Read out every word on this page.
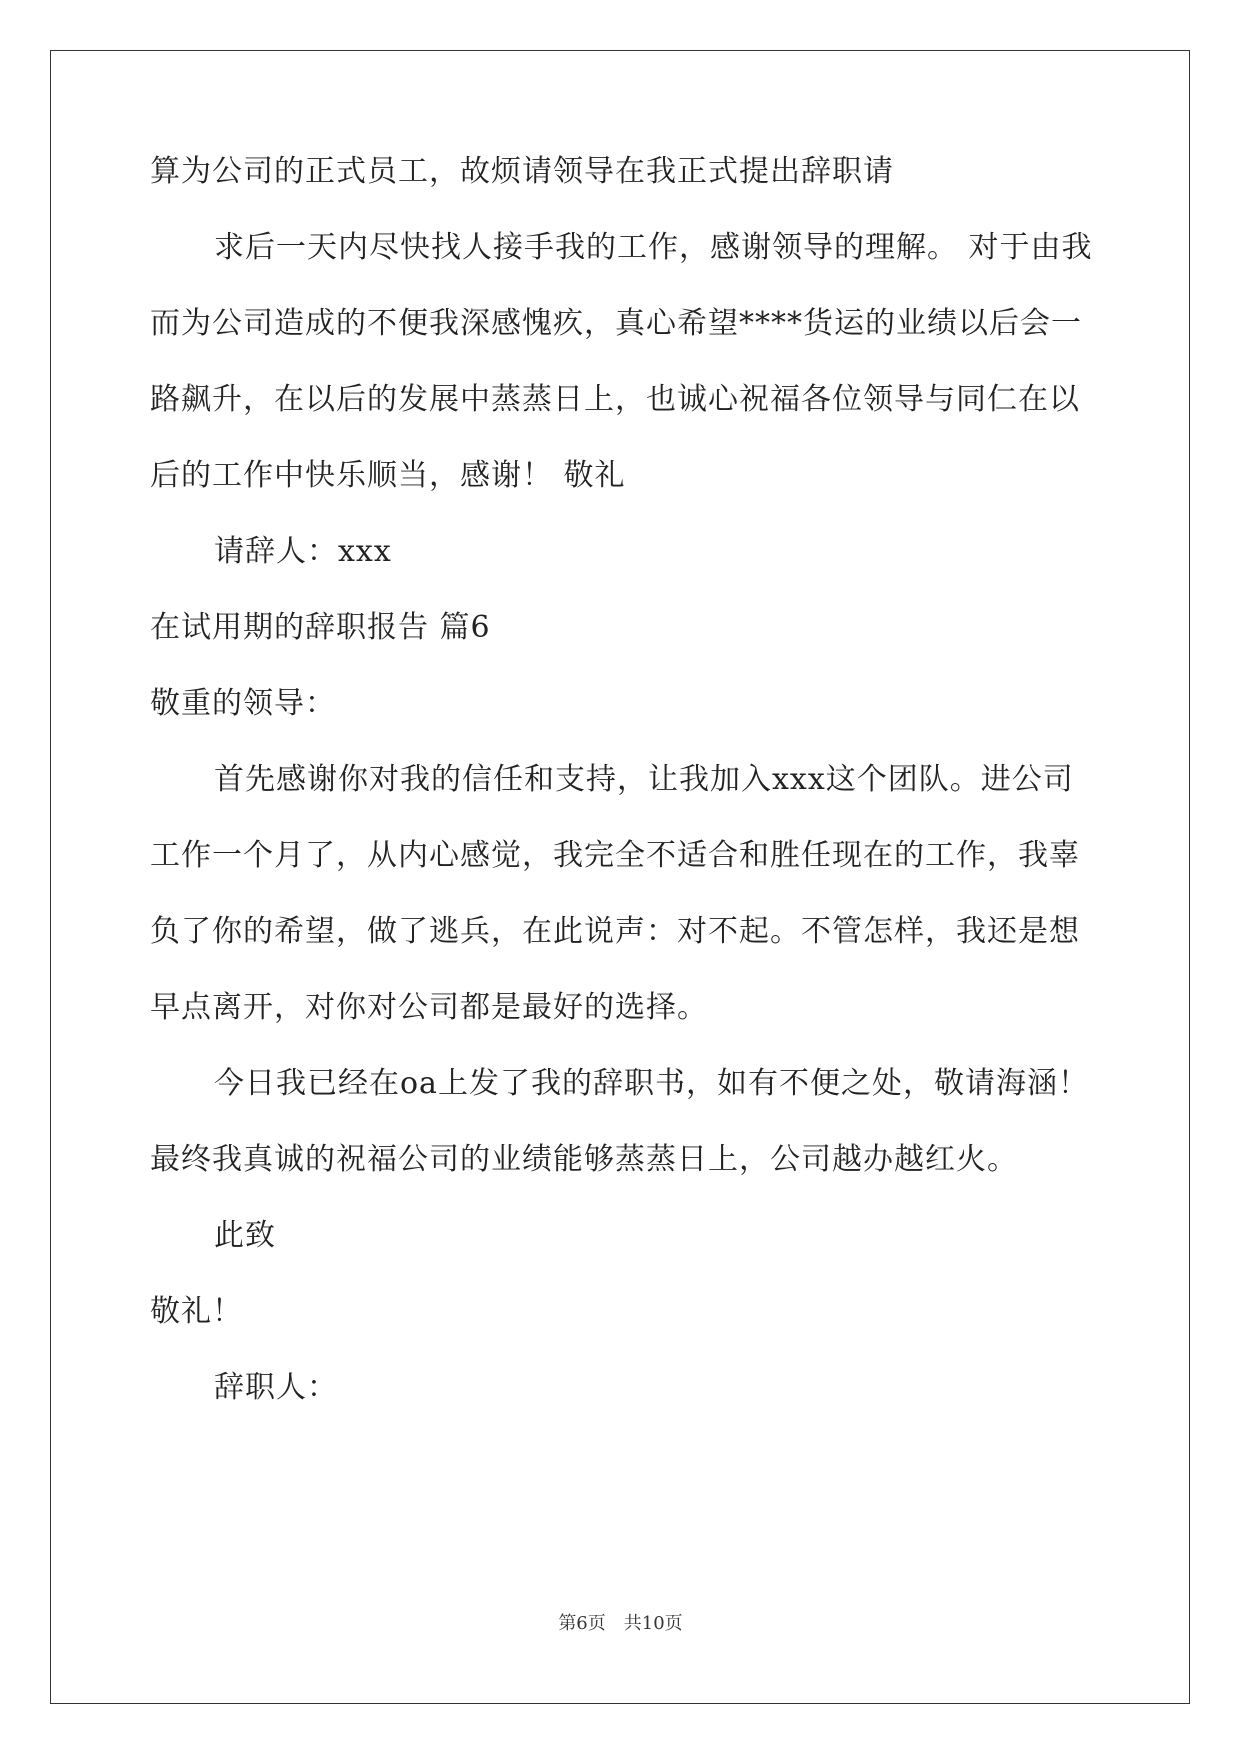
算为公司的正式员工，故烦请领导在我正式提出辞职请
求后一天内尽快找人接手我的工作，感谢领导的理解。 对于由我
而为公司造成的不便我深感愧疚，真心希望****货运的业绩以后会一
路飙升，在以后的发展中蒸蒸日上，也诚心祝福各位领导与同仁在以
后的工作中快乐顺当，感谢！ 敬礼
请辞人：xxx
在试用期的辞职报告 篇6
敬重的领导：
首先感谢你对我的信任和支持，让我加入xxx这个团队。进公司
工作一个月了，从内心感觉，我完全不适合和胜任现在的工作，我辜
负了你的希望，做了逃兵，在此说声：对不起。不管怎样，我还是想
早点离开，对你对公司都是最好的选择。
今日我已经在oa上发了我的辞职书，如有不便之处，敬请海涵！
最终我真诚的祝福公司的业绩能够蒸蒸日上，公司越办越红火。
此致
敬礼！
辞职人：
第6页 共10页
